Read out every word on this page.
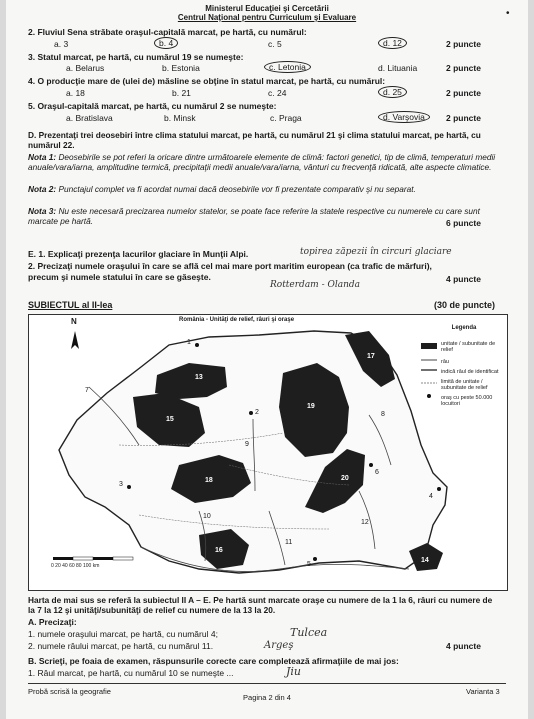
•
Ministerul Educaţiei şi Cercetării
Centrul Naţional pentru Curriculum şi Evaluare
2. Fluviul Sena străbate oraşul-capitală marcat, pe hartă, cu numărul:
a. 3	b. 4	c. 5	d. 12	2 puncte
3. Statul marcat, pe hartă, cu numărul 19 se numeşte:
a. Belarus	b. Estonia	c. Letonia	d. Lituania	2 puncte
4. O producţie mare de (ulei de) măsline se obţine în statul marcat, pe hartă, cu numărul:
a. 18	b. 21	c. 24	d. 25	2 puncte
5. Oraşul-capitală marcat, pe hartă, cu numărul 2 se numeşte:
a. Bratislava	b. Minsk	c. Praga	d. Varşovia	2 puncte
D. Prezentaţi trei deosebiri între clima statului marcat, pe hartă, cu numărul 21 şi clima statului marcat, pe hartă, cu numărul 22.
Nota 1: Deosebirile se pot referi la oricare dintre următoarele elemente de climă: factori genetici, tip de climă, temperaturi medii anuale/vara/iarna, amplitudine termică, precipitaţii medii anuale/vara/iarna, vânturi cu frecvenţă ridicată, alte aspecte climatice.
Nota 2: Punctajul complet va fi acordat numai dacă deosebirile vor fi prezentate comparativ şi nu separat.
Nota 3: Nu este necesară precizarea numelor statelor, se poate face referire la statele respective cu numerele cu care sunt marcate pe hartă.	6 puncte
E. 1. Explicaţi prezenţa lacurilor glaciare în Munţii Alpi.	topirea zăpezii în circuri glaciare
2. Precizaţi numele oraşului în care se află cel mai mare port maritim european (ca trafic de mărfuri),
precum şi numele statului în care se găseşte.
Rotterdam - Olanda
4 puncte
SUBIECTUL al II-lea	(30 de puncte)
România - Unităţi de relief, râuri şi oraşe
N
Legenda
unitate / subunitate de relief
râu
indică râul de identificat
limită de unitate / subunitate de relief
oraş cu peste 50.000 locuitori
0 20 40 60 80 100 km
13
14
15
16
17
18
19
20
7
8
9
10
11
12
1
2
3
4
5
6
Harta de mai sus se referă la subiectul II A – E. Pe hartă sunt marcate oraşe cu numere de la 1 la 6, râuri cu numere de la 7 la 12 şi unităţi/subunităţi de relief cu numere de la 13 la 20.
A. Precizaţi:
1. numele oraşului marcat, pe hartă, cu numărul 4;	Tulcea
2. numele râului marcat, pe hartă, cu numărul 11.	Argeş	4 puncte
B. Scrieţi, pe foaia de examen, răspunsurile corecte care completează afirmaţiile de mai jos:
1. Râul marcat, pe hartă, cu numărul 10 se numeşte ...	Jiu
Probă scrisă la geografie
Pagina 2 din 4
Varianta 3
